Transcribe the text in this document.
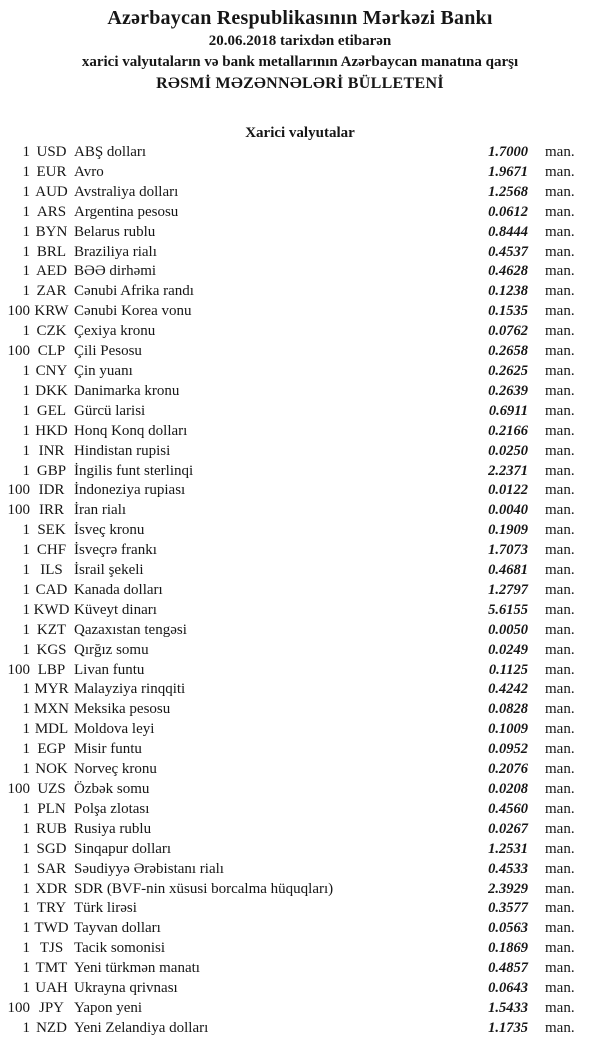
Azərbaycan Respublikasının Mərkəzi Bankı
20.06.2018 tarixdən etibarən
xarici valyutaların və bank metallarının Azərbaycan manatına qarşı
RƏSMİ MƏZƏNNƏLƏRİ BÜLLETENİ
Xarici valyutalar
1 USD ABŞ dolları	1.7000	man.
1 EUR Avro	1.9671	man.
1 AUD Avstraliya dolları	1.2568	man.
1 ARS Argentina pesosu	0.0612	man.
1 BYN Belarus rublu	0.8444	man.
1 BRL Braziliya rialı	0.4537	man.
1 AED BƏƏ dirhəmi	0.4628	man.
1 ZAR Cənubi Afrika randı	0.1238	man.
100 KRW Cənubi Korea vonu	0.1535	man.
1 CZK Çexiya kronu	0.0762	man.
100 CLP Çili Pesosu	0.2658	man.
1 CNY Çin yuanı	0.2625	man.
1 DKK Danimarka kronu	0.2639	man.
1 GEL Gürcü larisi	0.6911	man.
1 HKD Honq Konq dolları	0.2166	man.
1 INR Hindistan rupisi	0.0250	man.
1 GBP İngilis funt sterlinqi	2.2371	man.
100 IDR İndoneziya rupiası	0.0122	man.
100 IRR İran rialı	0.0040	man.
1 SEK İsveç kronu	0.1909	man.
1 CHF İsveçrə frankı	1.7073	man.
1 ILS İsrail şekeli	0.4681	man.
1 CAD Kanada dolları	1.2797	man.
1 KWD Küveyt dinarı	5.6155	man.
1 KZT Qazaxıstan tengəsi	0.0050	man.
1 KGS Qırğız somu	0.0249	man.
100 LBP Livan funtu	0.1125	man.
1 MYR Malayziya rinqqiti	0.4242	man.
1 MXN Meksika pesosu	0.0828	man.
1 MDL Moldova leyi	0.1009	man.
1 EGP Misir funtu	0.0952	man.
1 NOK Norveç kronu	0.2076	man.
100 UZS Özbək somu	0.0208	man.
1 PLN Polşa zlotası	0.4560	man.
1 RUB Rusiya rublu	0.0267	man.
1 SGD Sinqapur dolları	1.2531	man.
1 SAR Səudiyyə Ərəbistanı rialı	0.4533	man.
1 XDR SDR (BVF-nin xüsusi borcalma hüquqları)	2.3929	man.
1 TRY Türk lirəsi	0.3577	man.
1 TWD Tayvan dolları	0.0563	man.
1 TJS Tacik somonisi	0.1869	man.
1 TMT Yeni türkmən manatı	0.4857	man.
1 UAH Ukrayna qrivnası	0.0643	man.
100 JPY Yapon yeni	1.5433	man.
1 NZD Yeni Zelandiya dolları	1.1735	man.
